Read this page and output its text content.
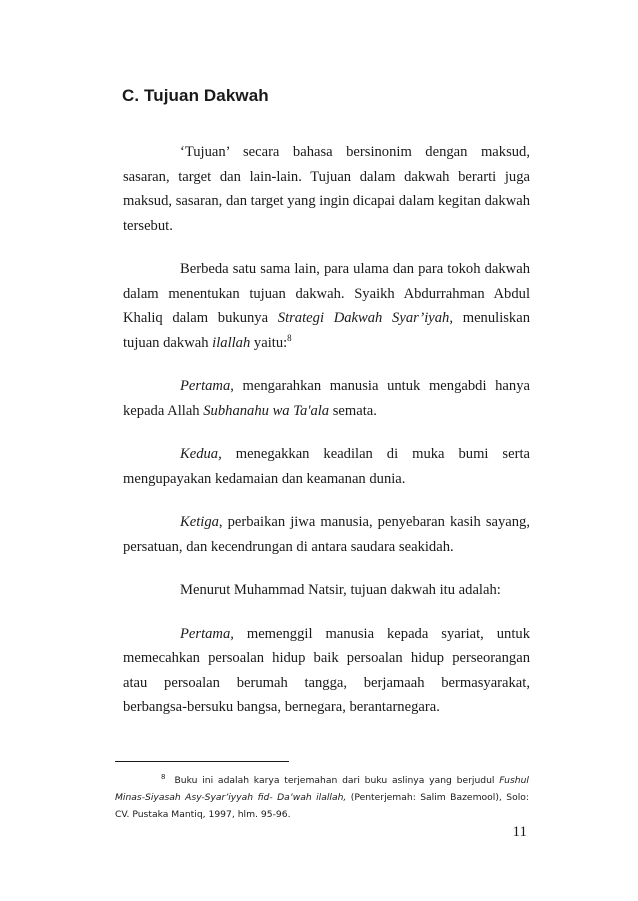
C. Tujuan Dakwah

‘Tujuan’ secara bahasa bersinonim dengan maksud, sasaran, target dan lain-lain. Tujuan dalam dakwah berarti juga maksud, sasaran, dan target yang ingin dicapai dalam kegitan dakwah tersebut.

Berbeda satu sama lain, para ulama dan para tokoh dakwah dalam menentukan tujuan dakwah. Syaikh Abdurrahman Abdul Khaliq dalam bukunya Strategi Dakwah Syar’iyah, menuliskan tujuan dakwah ilallah yaitu:$^8$

Pertama, mengarahkan manusia untuk mengabdi hanya kepada Allah Subhanahu wa Ta'ala semata.

Kedua, menegakkan keadilan di muka bumi serta mengupayakan kedamaian dan keamanan dunia.

Ketiga, perbaikan jiwa manusia, penyebaran kasih sayang, persatuan, dan kecendrungan di antara saudara seakidah.

Menurut Muhammad Natsir, tujuan dakwah itu adalah:

Pertama, memenggil manusia kepada syariat, untuk memecahkan persoalan hidup baik persoalan hidup perseorangan atau persoalan berumah tangga, berjamaah bermasyarakat, berbangsa-bersuku bangsa, bernegara, berantarnegara.

$^8$ Buku ini adalah karya terjemahan dari buku aslinya yang berjudul Fushul Minas-Siyasah Asy-Syar’iyyah fid- Da’wah ilallah, (Penterjemah: Salim Bazemool), Solo: CV. Pustaka Mantiq, 1997, hlm. 95-96.
11
